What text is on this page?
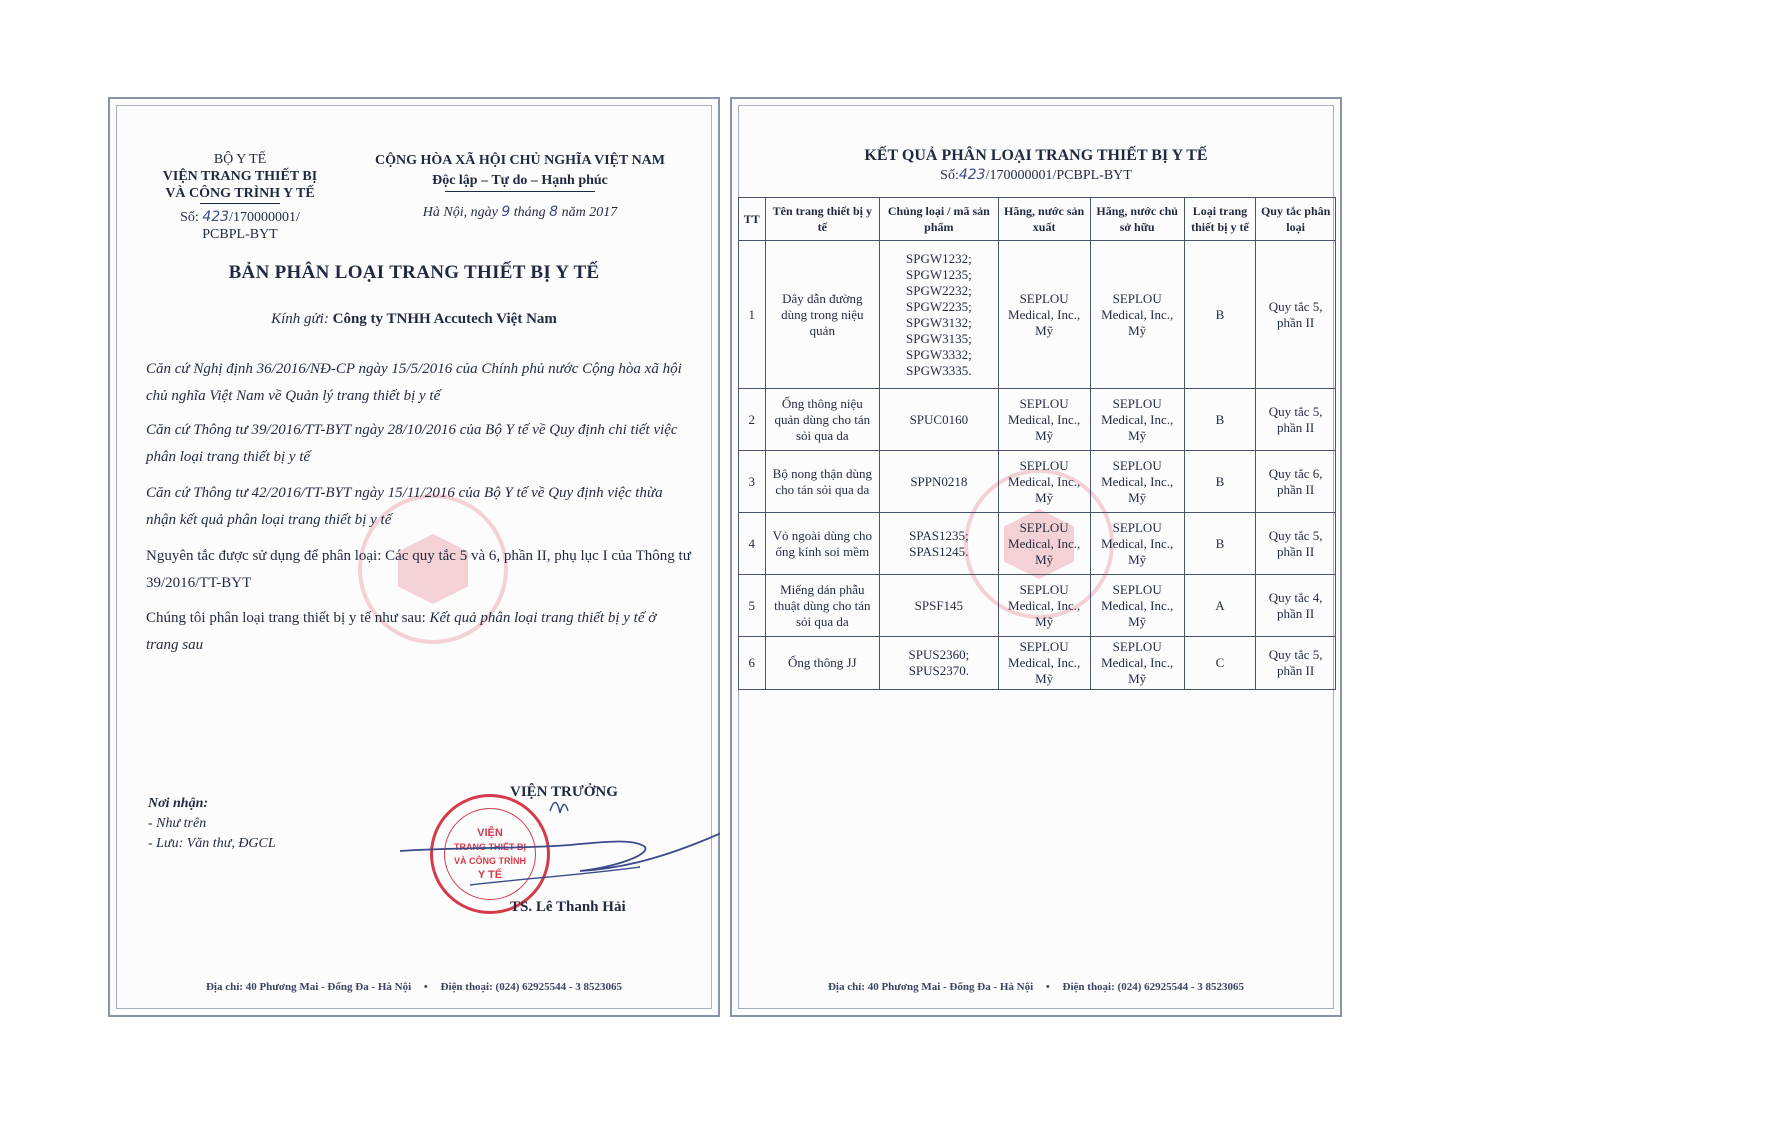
BỘ Y TẾ
VIỆN TRANG THIẾT BỊ
VÀ CÔNG TRÌNH Y TẾ
Số: 423/170000001/
PCBPL-BYT
CỘNG HÒA XÃ HỘI CHỦ NGHĨA VIỆT NAM
Độc lập – Tự do – Hạnh phúc
Hà Nội, ngày 9 tháng 8 năm 2017
BẢN PHÂN LOẠI TRANG THIẾT BỊ Y TẾ
Kính gửi: Công ty TNHH Accutech Việt Nam
Căn cứ Nghị định 36/2016/NĐ-CP ngày 15/5/2016 của Chính phủ nước Cộng hòa xã hội chủ nghĩa Việt Nam về Quản lý trang thiết bị y tế
Căn cứ Thông tư 39/2016/TT-BYT ngày 28/10/2016 của Bộ Y tế về Quy định chi tiết việc phân loại trang thiết bị y tế
Căn cứ Thông tư 42/2016/TT-BYT ngày 15/11/2016 của Bộ Y tế về Quy định việc thừa nhận kết quả phân loại trang thiết bị y tế
Nguyên tắc được sử dụng để phân loại: Các quy tắc 5 và 6, phần II, phụ lục I của Thông tư 39/2016/TT-BYT
Chúng tôi phân loại trang thiết bị y tế như sau: Kết quả phân loại trang thiết bị y tế ở trang sau
Nơi nhận:
- Như trên
- Lưu: Văn thư, ĐGCL
VIỆN TRƯỞNG
VIỆN
TRANG THIẾT BỊ
VÀ CÔNG TRÌNH
Y TẾ
TS. Lê Thanh Hải
Địa chỉ: 40 Phương Mai - Đống Đa - Hà Nội • Điện thoại: (024) 62925544 - 3 8523065
KẾT QUẢ PHÂN LOẠI TRANG THIẾT BỊ Y TẾ
Số:423/170000001/PCBPL-BYT
TT	Tên trang thiết bị y tế	Chủng loại / mã sản phẩm	Hãng, nước sản xuất	Hãng, nước chủ sở hữu	Loại trang thiết bị y tế	Quy tắc phân loại
1	Dây dẫn đường dùng trong niệu quản	SPGW1232; SPGW1235; SPGW2232; SPGW2235; SPGW3132; SPGW3135; SPGW3332; SPGW3335.	SEPLOU Medical, Inc., Mỹ	SEPLOU Medical, Inc., Mỹ	B	Quy tắc 5, phần II
2	Ống thông niệu quản dùng cho tán sỏi qua da	SPUC0160	SEPLOU Medical, Inc., Mỹ	SEPLOU Medical, Inc., Mỹ	B	Quy tắc 5, phần II
3	Bộ nong thận dùng cho tán sỏi qua da	SPPN0218	SEPLOU Medical, Inc., Mỹ	SEPLOU Medical, Inc., Mỹ	B	Quy tắc 6, phần II
4	Vỏ ngoài dùng cho ống kính soi mềm	SPAS1235; SPAS1245.	SEPLOU Medical, Inc., Mỹ	SEPLOU Medical, Inc., Mỹ	B	Quy tắc 5, phần II
5	Miếng dán phẫu thuật dùng cho tán sỏi qua da	SPSF145	SEPLOU Medical, Inc., Mỹ	SEPLOU Medical, Inc., Mỹ	A	Quy tắc 4, phần II
6	Ống thông JJ	SPUS2360; SPUS2370.	SEPLOU Medical, Inc., Mỹ	SEPLOU Medical, Inc., Mỹ	C	Quy tắc 5, phần II
Địa chỉ: 40 Phương Mai - Đống Đa - Hà Nội • Điện thoại: (024) 62925544 - 3 8523065
